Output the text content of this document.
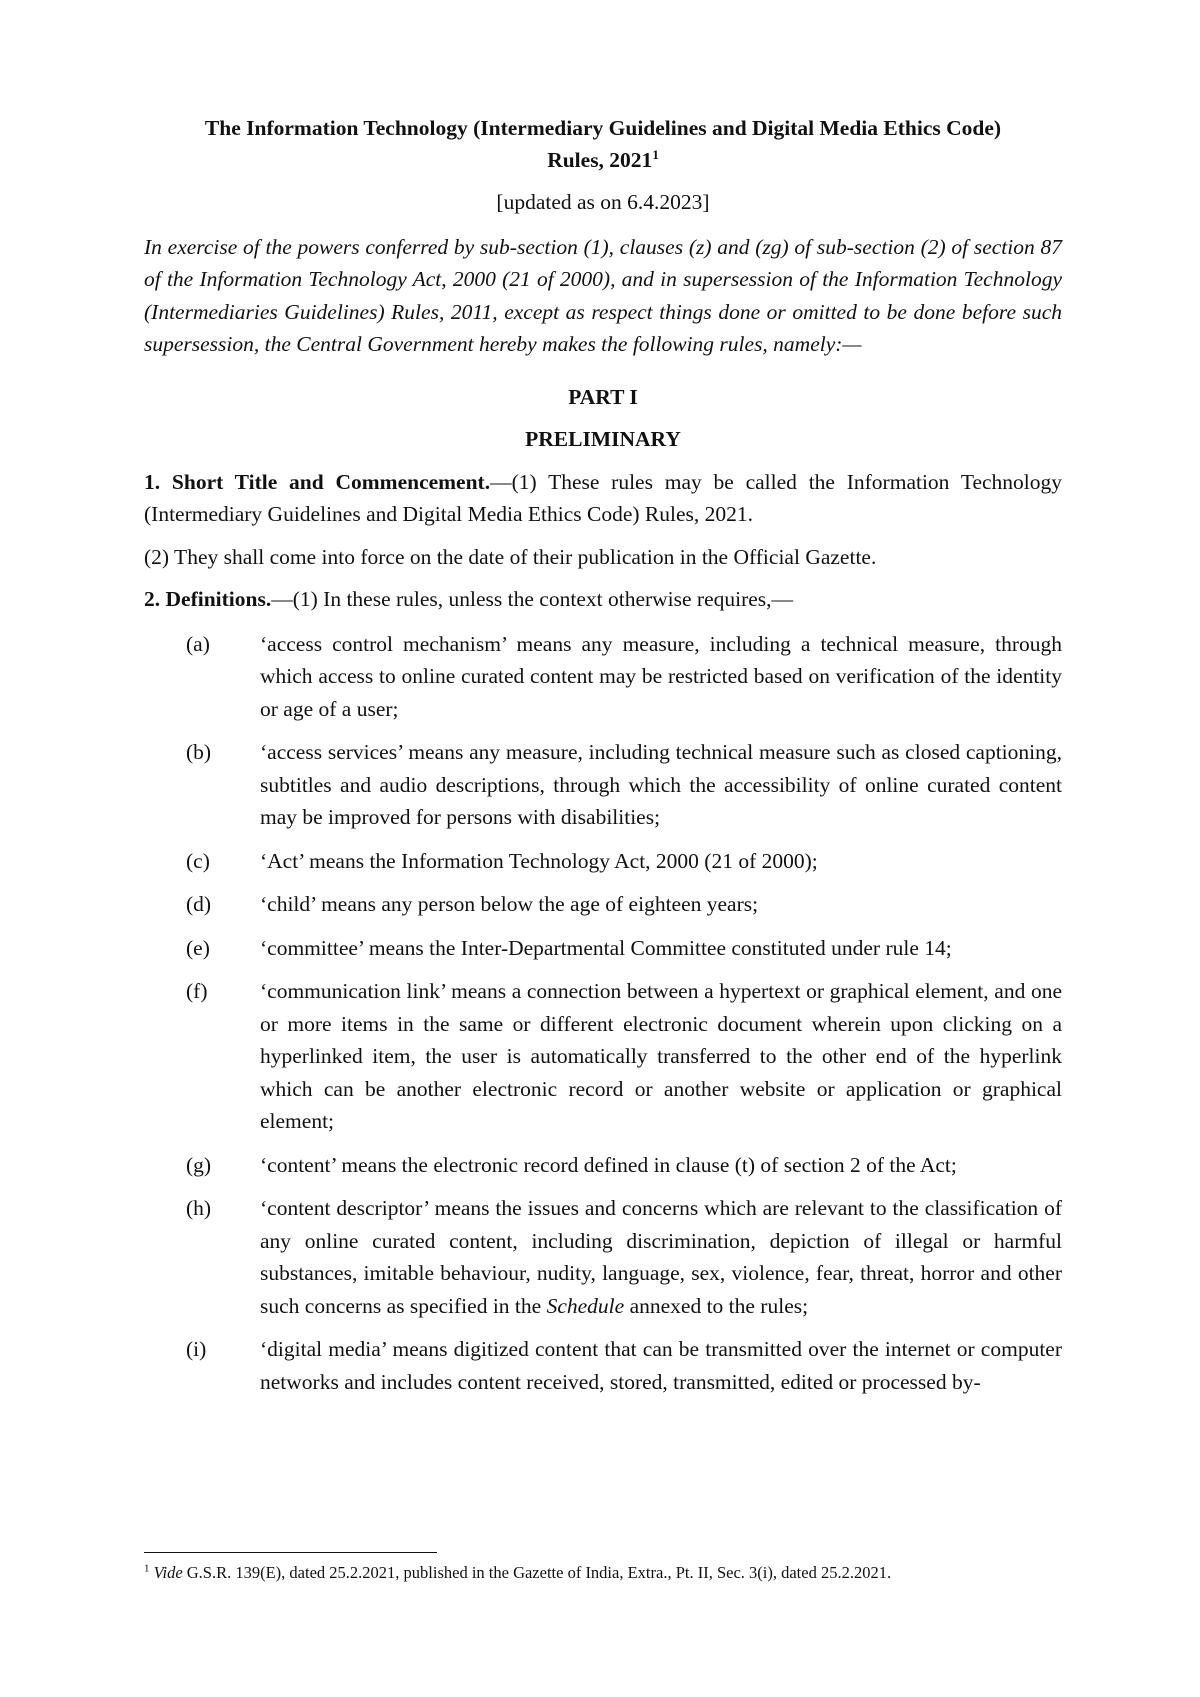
The Information Technology (Intermediary Guidelines and Digital Media Ethics Code)
Rules, 2021$^1$

[updated as on 6.4.2023]

In exercise of the powers conferred by sub-section (1), clauses (z) and (zg) of sub-section (2) of section 87 of the Information Technology Act, 2000 (21 of 2000), and in supersession of the Information Technology (Intermediaries Guidelines) Rules, 2011, except as respect things done or omitted to be done before such supersession, the Central Government hereby makes the following rules, namely:—

PART I

PRELIMINARY

1. Short Title and Commencement.—(1) These rules may be called the Information Technology (Intermediary Guidelines and Digital Media Ethics Code) Rules, 2021.

(2) They shall come into force on the date of their publication in the Official Gazette.

2. Definitions.—(1) In these rules, unless the context otherwise requires,—

(a)	‘access control mechanism’ means any measure, including a technical measure, through which access to online curated content may be restricted based on verification of the identity or age of a user;
(b)	‘access services’ means any measure, including technical measure such as closed captioning, subtitles and audio descriptions, through which the accessibility of online curated content may be improved for persons with disabilities;
(c)	‘Act’ means the Information Technology Act, 2000 (21 of 2000);
(d)	‘child’ means any person below the age of eighteen years;
(e)	‘committee’ means the Inter-Departmental Committee constituted under rule 14;
(f)	‘communication link’ means a connection between a hypertext or graphical element, and one or more items in the same or different electronic document wherein upon clicking on a hyperlinked item, the user is automatically transferred to the other end of the hyperlink which can be another electronic record or another website or application or graphical element;
(g)	‘content’ means the electronic record defined in clause (t) of section 2 of the Act;
(h)	‘content descriptor’ means the issues and concerns which are relevant to the classification of any online curated content, including discrimination, depiction of illegal or harmful substances, imitable behaviour, nudity, language, sex, violence, fear, threat, horror and other such concerns as specified in the Schedule annexed to the rules;
(i)	‘digital media’ means digitized content that can be transmitted over the internet or computer networks and includes content received, stored, transmitted, edited or processed by-
$^1$ Vide G.S.R. 139(E), dated 25.2.2021, published in the Gazette of India, Extra., Pt. II, Sec. 3(i), dated 25.2.2021.
